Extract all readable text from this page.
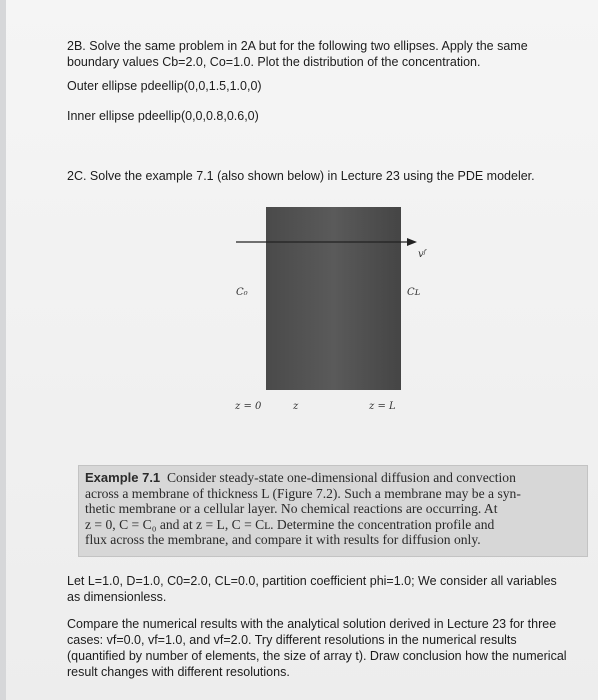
2B. Solve the same problem in 2A but for the following two ellipses. Apply the same

boundary values Cb=2.0, Co=1.0. Plot the distribution of the concentration.

Outer ellipse pdeellip(0,0,1.5,1.0,0)

Inner ellipse pdeellip(0,0,0.8,0.6,0)

2C. Solve the example 7.1 (also shown below) in Lecture 23 using the PDE modeler.

vᶠ
C₀	Cʟ
z = 0	z	z = L

Example 7.1 Consider steady-state one-dimensional diffusion and convection
across a membrane of thickness L (Figure 7.2). Such a membrane may be a syn-
thetic membrane or a cellular layer. No chemical reactions are occurring. At
z = 0, C = C₀ and at z = L, C = Cʟ. Determine the concentration profile and
flux across the membrane, and compare it with results for diffusion only.

Let L=1.0, D=1.0, C0=2.0, CL=0.0, partition coefficient phi=1.0; We consider all variables

as dimensionless.

Compare the numerical results with the analytical solution derived in Lecture 23 for three

cases: vf=0.0, vf=1.0, and vf=2.0. Try different resolutions in the numerical results

(quantified by number of elements, the size of array t). Draw conclusion how the numerical

result changes with different resolutions.
